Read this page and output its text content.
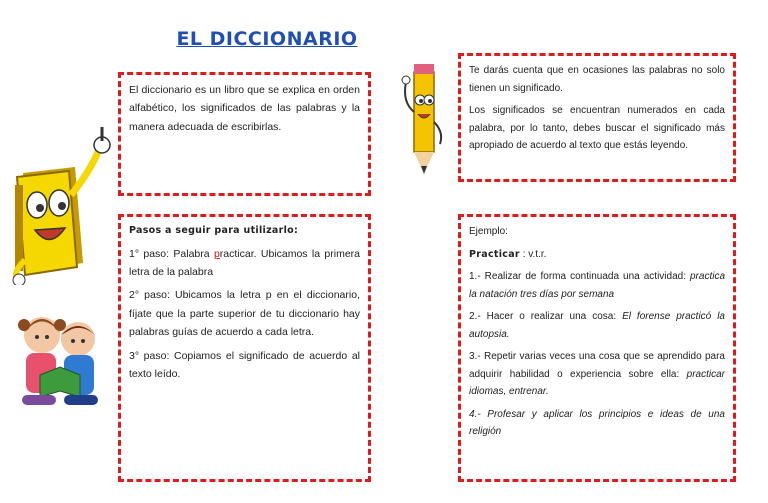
EL DICCIONARIO

El diccionario es un libro que se explica en orden alfabético, los significados de las palabras y la manera adecuada de escribirlas.

Te darás cuenta que en ocasiones las palabras no solo tienen un significado.

Los significados se encuentran numerados en cada palabra, por lo tanto, debes buscar el significado más apropiado de acuerdo al texto que estás leyendo.

Pasos a seguir para utilizarlo:

1° paso: Palabra practicar. Ubicamos la primera letra de la palabra

2° paso: Ubicamos la letra p en el diccionario, fíjate que la parte superior de tu diccionario hay palabras guías de acuerdo a cada letra.

3° paso: Copiamos el significado de acuerdo al texto leído.

Ejemplo:

Practicar : v.t.r.

1.- Realizar de forma continuada una actividad: practica la natación tres días por semana

2.- Hacer o realizar una cosa: El forense practicó la autopsia.

3.- Repetir varias veces una cosa que se aprendido para adquirir habilidad o experiencia sobre ella: practicar idiomas, entrenar.

4.- Profesar y aplicar los principios e ideas de una religión
